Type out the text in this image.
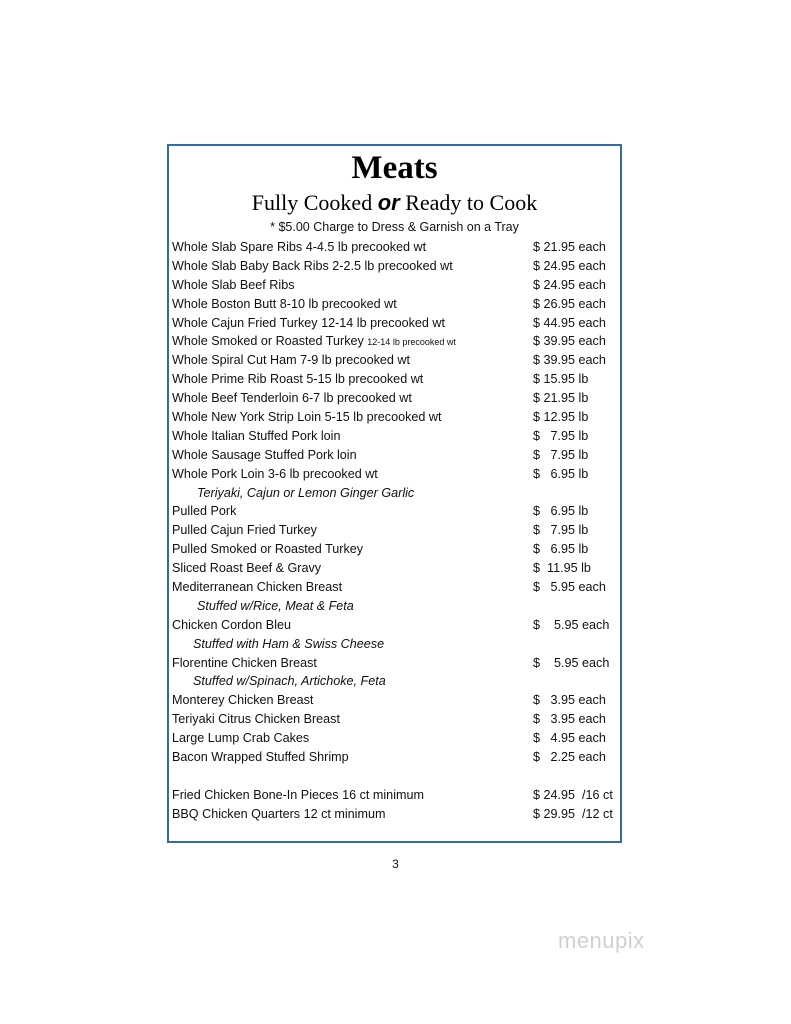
Meats
Fully Cooked or Ready to Cook
* $5.00 Charge to Dress & Garnish on a Tray
Whole Slab Spare Ribs 4-4.5 lb precooked wt	$ 21.95 each
Whole Slab Baby Back Ribs 2-2.5 lb precooked wt	$ 24.95 each
Whole Slab Beef Ribs	$ 24.95 each
Whole Boston Butt 8-10 lb precooked wt	$ 26.95 each
Whole Cajun Fried Turkey 12-14 lb precooked wt	$ 44.95 each
Whole Smoked or Roasted Turkey 12-14 lb precooked wt	$ 39.95 each
Whole Spiral Cut Ham 7-9 lb precooked wt	$ 39.95 each
Whole Prime Rib Roast 5-15 lb precooked wt	$ 15.95 lb
Whole Beef Tenderloin 6-7 lb precooked wt	$ 21.95 lb
Whole New York Strip Loin 5-15 lb precooked wt	$ 12.95 lb
Whole Italian Stuffed Pork loin	$   7.95 lb
Whole Sausage Stuffed Pork loin	$   7.95 lb
Whole Pork Loin 3-6 lb precooked wt	$   6.95 lb
Teriyaki, Cajun or Lemon Ginger Garlic
Pulled Pork	$   6.95 lb
Pulled Cajun Fried Turkey	$   7.95 lb
Pulled Smoked or Roasted Turkey	$   6.95 lb
Sliced Roast Beef & Gravy	$  11.95 lb
Mediterranean Chicken Breast	$   5.95 each
Stuffed w/Rice, Meat & Feta
Chicken Cordon Bleu	$    5.95 each
Stuffed with Ham & Swiss Cheese
Florentine Chicken Breast	$    5.95 each
Stuffed w/Spinach, Artichoke, Feta
Monterey Chicken Breast	$   3.95 each
Teriyaki Citrus Chicken Breast	$   3.95 each
Large Lump Crab Cakes	$   4.95 each
Bacon Wrapped Stuffed Shrimp	$   2.25 each
Fried Chicken Bone-In Pieces 16 ct minimum	$ 24.95  /16 ct
BBQ Chicken Quarters 12 ct minimum	$ 29.95  /12 ct
3
menupix
